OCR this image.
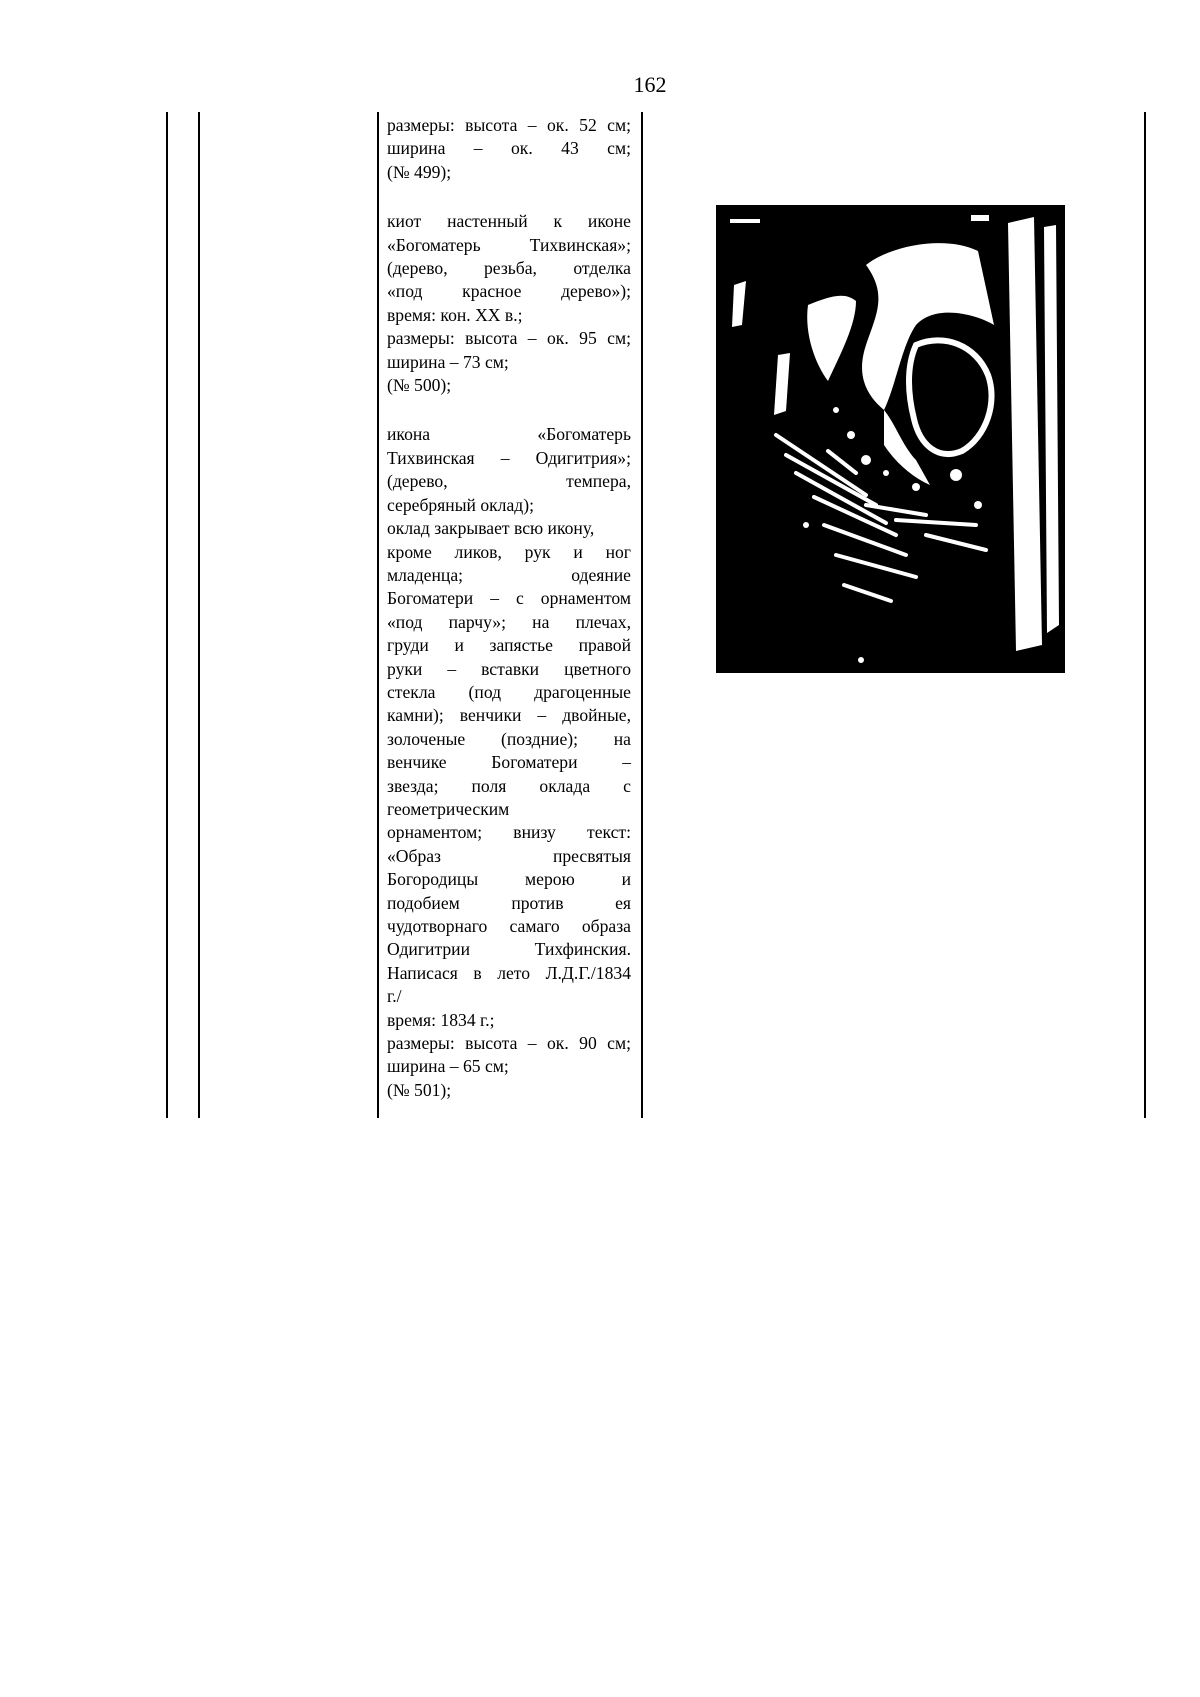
162
размеры: высота – ок. 52 см;
ширина – ок. 43 см;
(№ 499);
киот настенный к иконе
«Богоматерь Тихвинская»;
(дерево, резьба, отделка
«под красное дерево»);
время: кон. XX в.;
размеры: высота – ок. 95 см;
ширина – 73 см;
(№ 500);
икона «Богоматерь
Тихвинская – Одигитрия»;
(дерево, темпера,
серебряный оклад);
оклад закрывает всю икону,
кроме ликов, рук и ног
младенца; одеяние
Богоматери – с орнаментом
«под парчу»; на плечах,
груди и запястье правой
руки – вставки цветного
стекла (под драгоценные
камни); венчики – двойные,
золоченые (поздние); на
венчике Богоматери –
звезда; поля оклада с
геометрическим
орнаментом; внизу текст:
«Образ пресвятыя
Богородицы мерою и
подобием против ея
чудотворнаго самаго образа
Одигитрии Тихфинския.
Написася в лето Л.Д.Г./1834
г./
время: 1834 г.;
размеры: высота – ок. 90 см;
ширина – 65 см;
(№ 501);
